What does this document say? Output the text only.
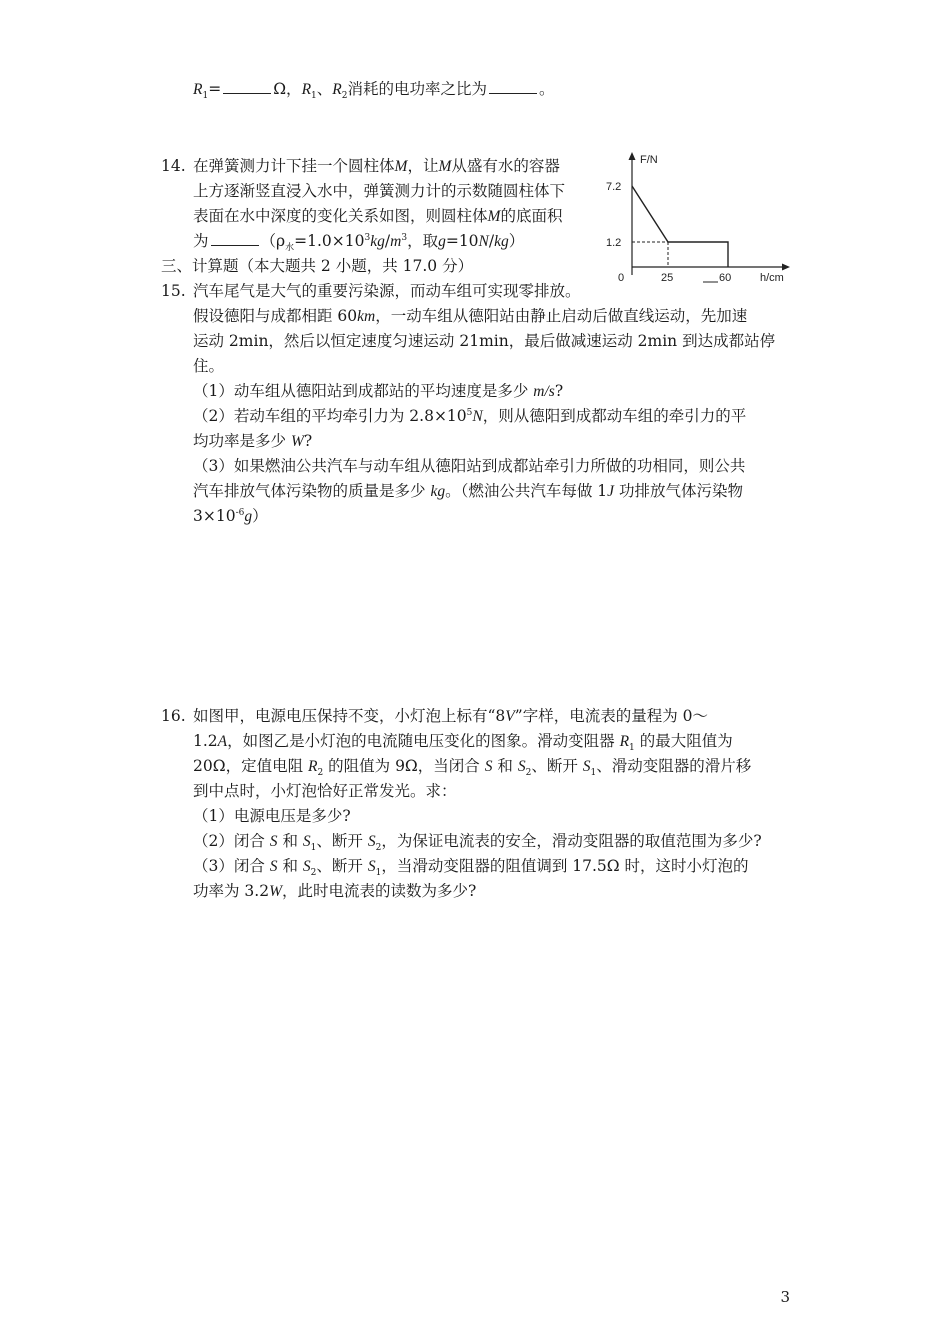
$R_1=$	Ω，$R_1$、$R_2$消耗的电功率之比为	。
14. 在弹簧测力计下挂一个圆柱体M，让M从盛有水的容器
上方逐渐竖直浸入水中，弹簧测力计的示数随圆柱体下
表面在水中深度的变化关系如图，则圆柱体M的底面积
为	（$\rho_水=1.0\times 10^3kg/m^3$，取g=10N/kg）
F/N
h/cm
0
7.2
1.2
25	60
三、计算题（本大题共 2 小题，共 17.0 分）
15. 汽车尾气是大气的重要污染源，而动车组可实现零排放。
假设德阳与成都相距 60km，一动车组从德阳站由静止启动后做直线运动，先加速
运动 2min，然后以恒定速度匀速运动 21min，最后做减速运动 2min 到达成都站停
住。
（1）动车组从德阳站到成都站的平均速度是多少 m/s?
（2）若动车组的平均牵引力为 $2.8\times 10^5N$，则从德阳到成都动车组的牵引力的平
均功率是多少 W?
（3）如果燃油公共汽车与动车组从德阳站到成都站牵引力所做的功相同，则公共
汽车排放气体污染物的质量是多少 kg。（燃油公共汽车每做 1J 功排放气体污染物
$3\times 10^{-6}g$）
16. 如图甲，电源电压保持不变，小灯泡上标有“8V”字样，电流表的量程为 0～
1.2A，如图乙是小灯泡的电流随电压变化的图象。滑动变阻器 $R_1$ 的最大阻值为
20Ω，定值电阻 $R_2$ 的阻值为 9Ω，当闭合 S 和 $S_2$、断开 $S_1$、滑动变阻器的滑片移
到中点时，小灯泡恰好正常发光。求：
（1）电源电压是多少?
（2）闭合 S 和 $S_1$、断开 $S_2$，为保证电流表的安全，滑动变阻器的取值范围为多少?
（3）闭合 S 和 $S_2$、断开 $S_1$，当滑动变阻器的阻值调到 17.5Ω 时，这时小灯泡的
功率为 3.2W，此时电流表的读数为多少?
3
